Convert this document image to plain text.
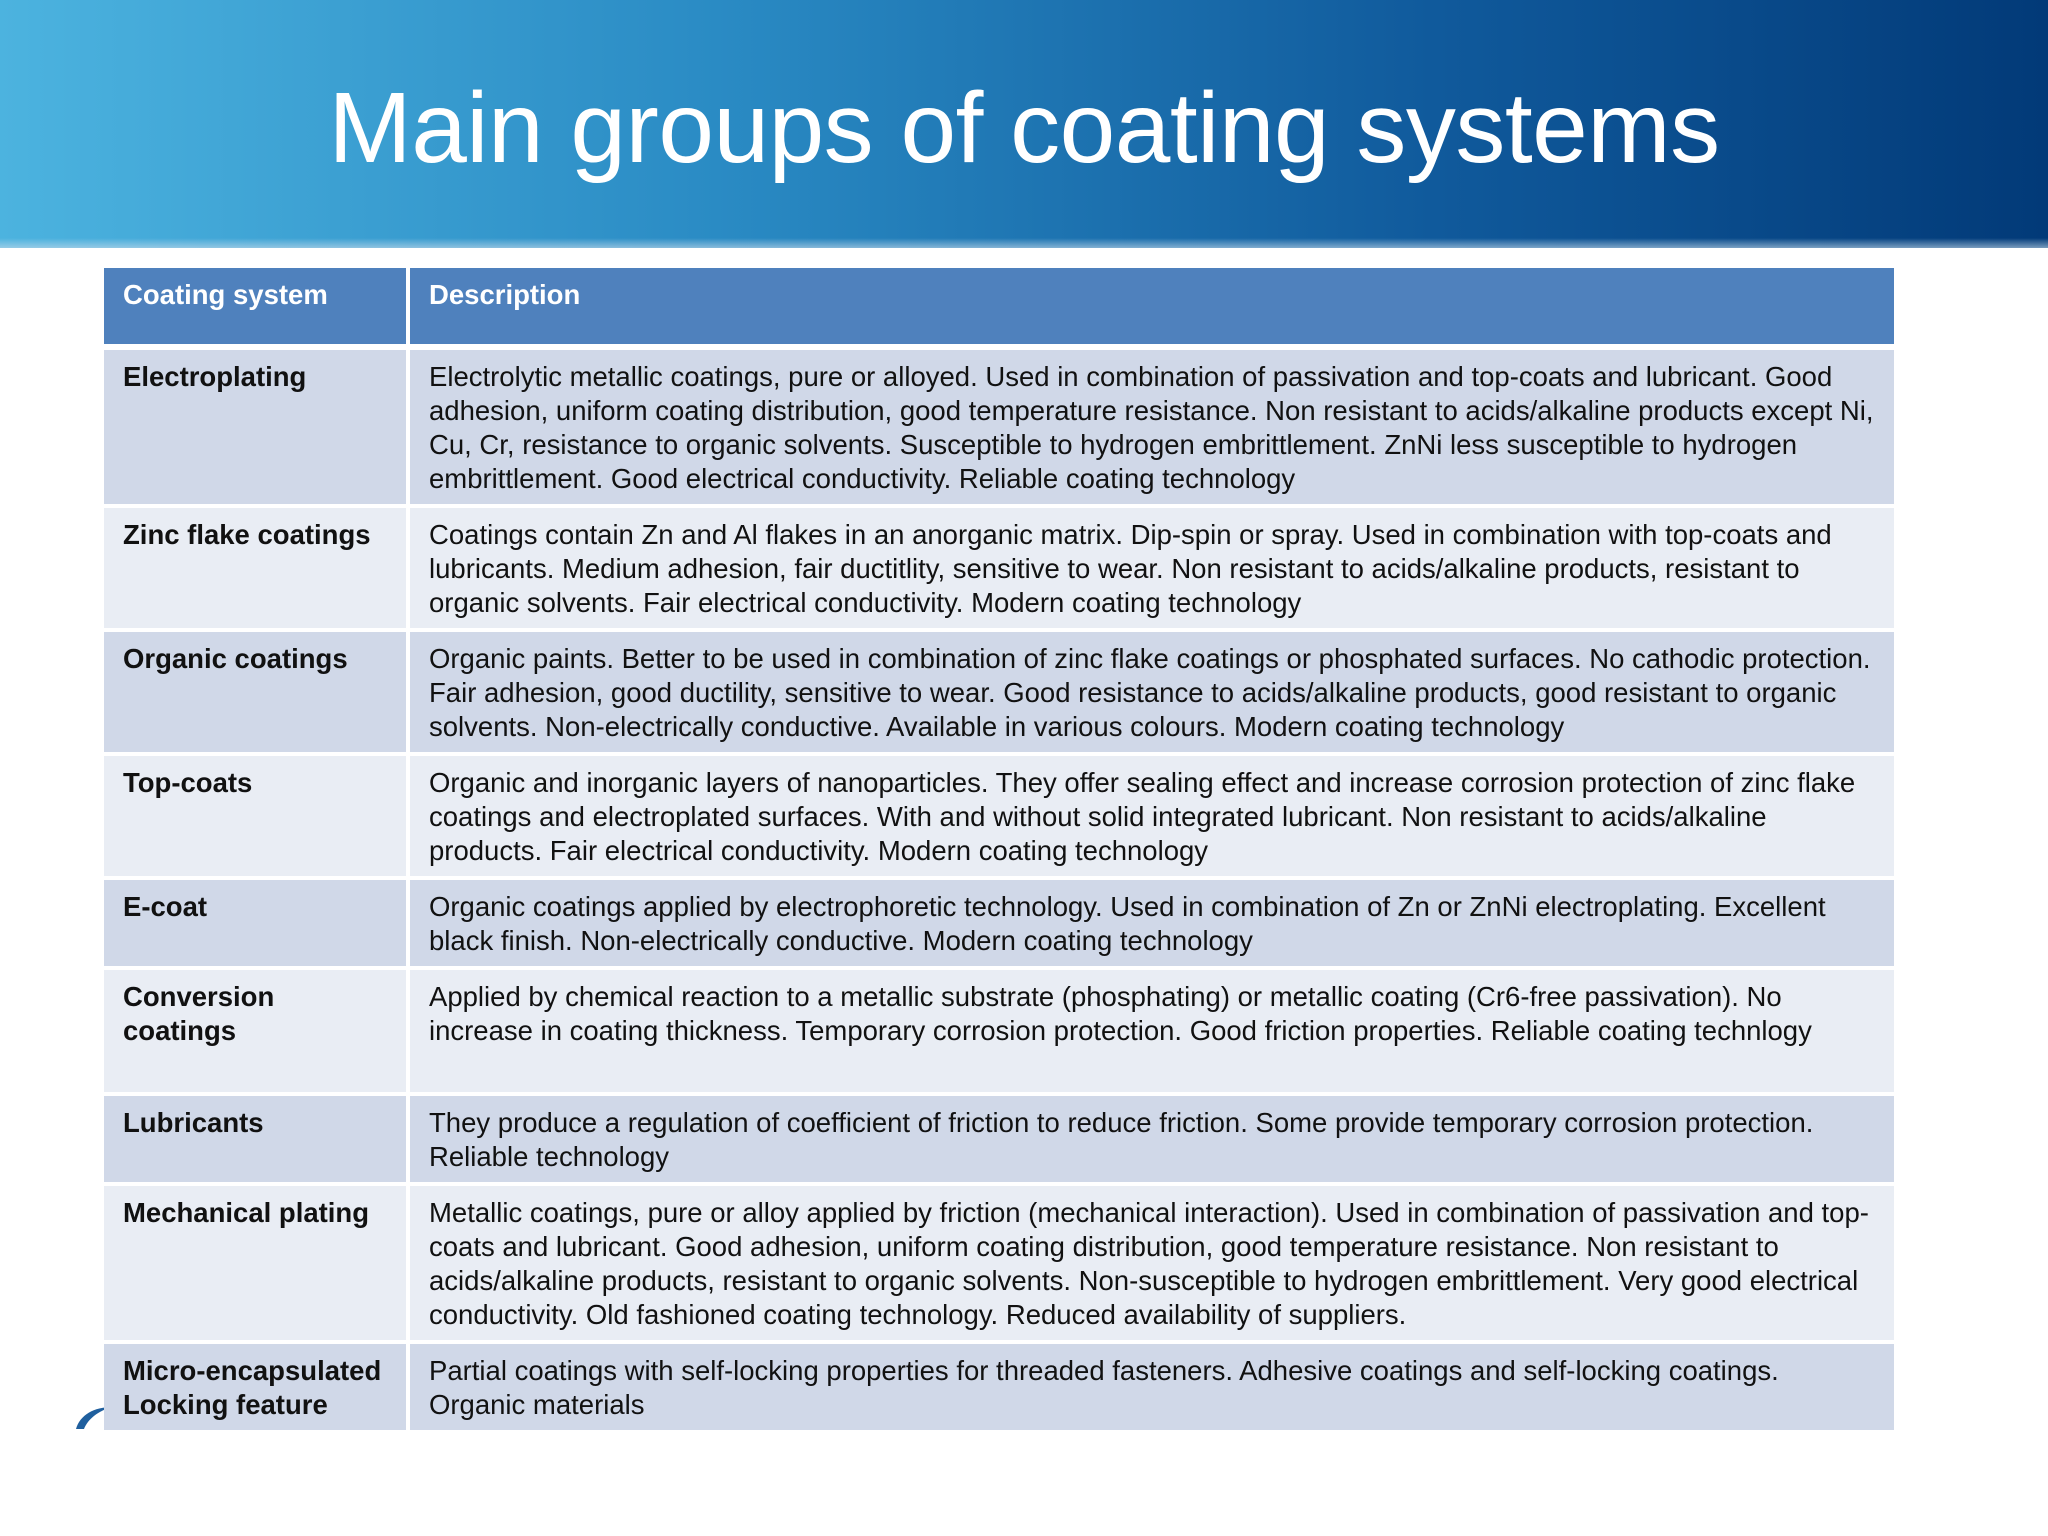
Main groups of coating systems
Coating system	Description
Electroplating	Electrolytic metallic coatings, pure or alloyed. Used in combination of passivation and top-coats and lubricant. Good adhesion, uniform coating distribution, good temperature resistance. Non resistant to acids/alkaline products except Ni, Cu, Cr, resistance to organic solvents. Susceptible to hydrogen embrittlement. ZnNi less susceptible to hydrogen embrittlement. Good electrical conductivity. Reliable coating technology
Zinc flake coatings	Coatings contain Zn and Al flakes in an anorganic matrix. Dip-spin or spray. Used in combination with top-coats and lubricants. Medium adhesion, fair ductitlity, sensitive to wear. Non resistant to acids/alkaline products, resistant to organic solvents. Fair electrical conductivity. Modern coating technology
Organic coatings	Organic paints. Better to be used in combination of zinc flake coatings or phosphated surfaces. No cathodic protection. Fair adhesion, good ductility, sensitive to wear. Good resistance to acids/alkaline products, good resistant to organic solvents. Non-electrically conductive. Available in various colours. Modern coating technology
Top-coats	Organic and inorganic layers of nanoparticles. They offer sealing effect and increase corrosion protection of zinc flake coatings and electroplated surfaces. With and without solid integrated lubricant. Non resistant to acids/alkaline products. Fair electrical conductivity. Modern coating technology
E-coat	Organic coatings applied by electrophoretic technology. Used in combination of Zn or ZnNi electroplating. Excellent black finish. Non-electrically conductive. Modern coating technology
Conversion coatings	Applied by chemical reaction to a metallic substrate (phosphating) or metallic coating (Cr6-free passivation). No increase in coating thickness. Temporary corrosion protection. Good friction properties. Reliable coating technlogy
Lubricants	They produce a regulation of coefficient of friction to reduce friction. Some provide temporary corrosion protection. Reliable technology
Mechanical plating	Metallic coatings, pure or alloy applied by friction (mechanical interaction). Used in combination of passivation and top-coats and lubricant. Good adhesion, uniform coating distribution, good temperature resistance. Non resistant to acids/alkaline products, resistant to organic solvents. Non-susceptible to hydrogen embrittlement. Very good electrical conductivity. Old fashioned coating technology. Reduced availability of suppliers.
Micro-encapsulated Locking feature	Partial coatings with self-locking properties for threaded fasteners. Adhesive coatings and self-locking coatings. Organic materials
